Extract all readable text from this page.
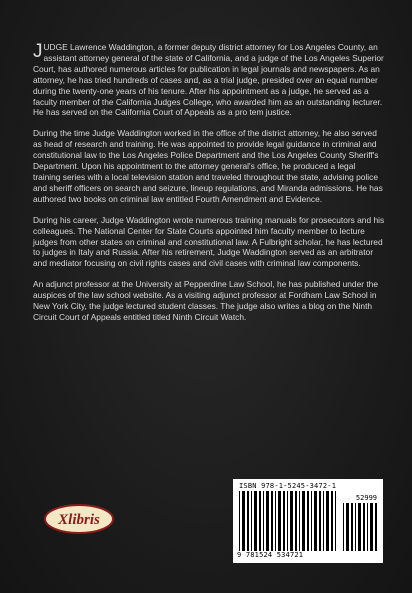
JUDGE Lawrence Waddington, a former deputy district attorney for Los Angeles County, an assistant attorney general of the state of California, and a judge of the Los Angeles Superior Court, has authored numerous articles for publication in legal journals and newspapers. As an attorney, he has tried hundreds of cases and, as a trial judge, presided over an equal number during the twenty-one years of his tenure. After his appointment as a judge, he served as a faculty member of the California Judges College, who awarded him as an outstanding lecturer. He has served on the California Court of Appeals as a pro tem justice.

During the time Judge Waddington worked in the office of the district attorney, he also served as head of research and training. He was appointed to provide legal guidance in criminal and constitutional law to the Los Angeles Police Department and the Los Angeles County Sheriff's Department. Upon his appointment to the attorney general's office, he produced a legal training series with a local television station and traveled throughout the state, advising police and sheriff officers on search and seizure, lineup regulations, and Miranda admissions. He has authored two books on criminal law entitled Fourth Amendment and Evidence.

During his career, Judge Waddington wrote numerous training manuals for prosecutors and his colleagues. The National Center for State Courts appointed him faculty member to lecture judges from other states on criminal and constitutional law. A Fulbright scholar, he has lectured to judges in Italy and Russia. After his retirement, Judge Waddington served as an arbitrator and mediator focusing on civil rights cases and civil cases with criminal law components.

An adjunct professor at the University at Pepperdine Law School, he has published under the auspices of the law school website. As a visiting adjunct professor at Fordham Law School in New York City, the judge lectured student classes. The judge also writes a blog on the Ninth Circuit Court of Appeals entitled titled Ninth Circuit Watch.

Xlibris
ISBN 978-1-5245-3472-1
52999
9 781524 534721
